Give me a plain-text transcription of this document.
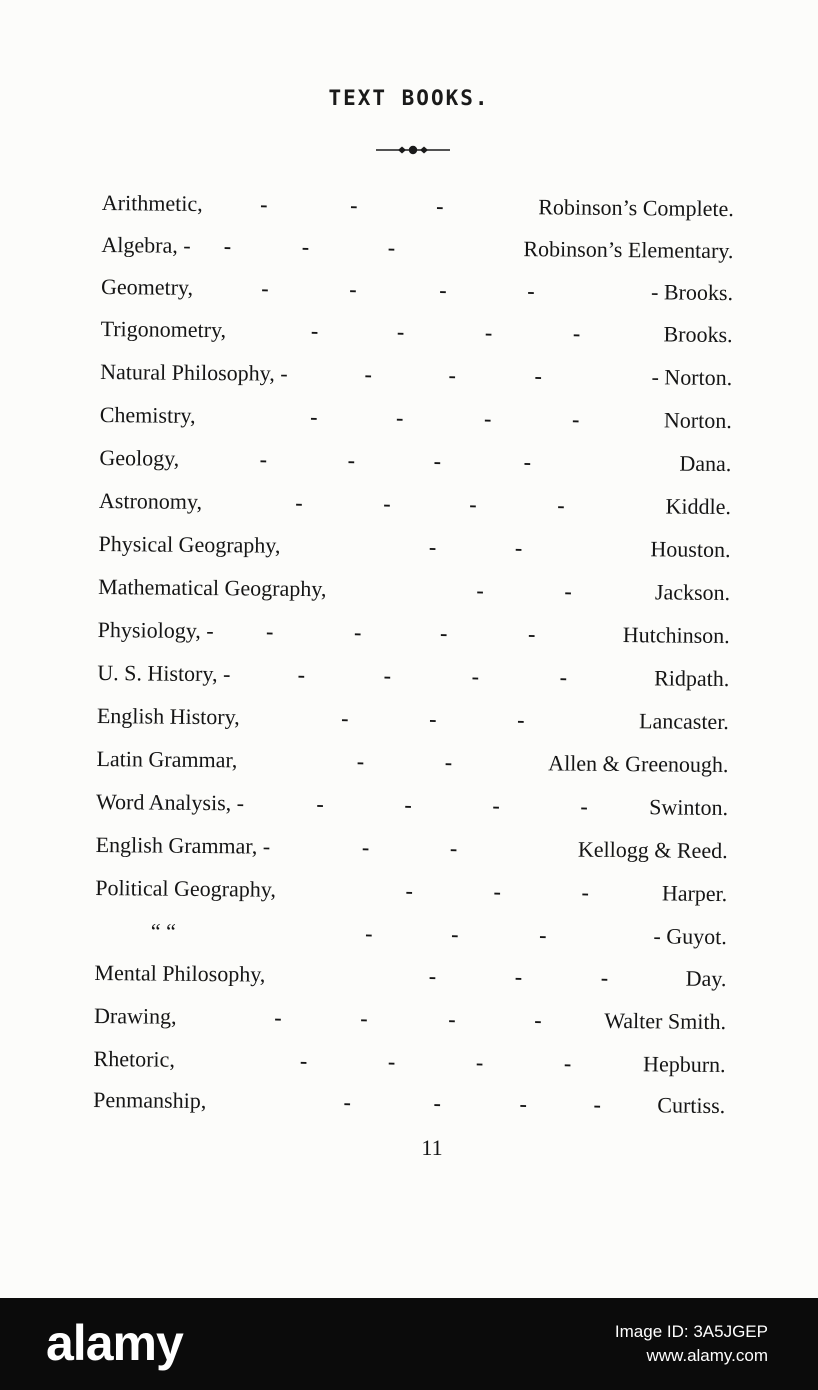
TEXT BOOKS.
Arithmetic,	-	-	-	Robinson’s Complete.
Algebra, - -	-	-	Robinson’s Elementary.
Geometry,	-	-	-	-	- Brooks.
Trigonometry,	-	-	-	-	Brooks.
Natural Philosophy, -	-	-	-	- Norton.
Chemistry,	-	-	-	-	Norton.
Geology,	-	-	-	-	Dana.
Astronomy,	-	-	-	-	Kiddle.
Physical Geography,	-	-	Houston.
Mathematical Geography,	-	-	Jackson.
Physiology, - -	-	-	-	Hutchinson.
U. S. History, -	-	-	-	-	Ridpath.
English History,	-	-	-	Lancaster.
Latin Grammar,	-	-	Allen & Greenough.
Word Analysis, -	-	-	-	-	Swinton.
English Grammar, -	-	-	Kellogg & Reed.
Political Geography,	-	-	-	Harper.
“ “	-	-	-	- Guyot.
Mental Philosophy,	-	-	-	Day.
Drawing,	-	-	-	-	Walter Smith.
Rhetoric,	-	-	-	-	Hepburn.
Penmanship,	-	-	-	-	Curtiss.
11
alamy	Image ID: 3A5JGEP
www.alamy.com
